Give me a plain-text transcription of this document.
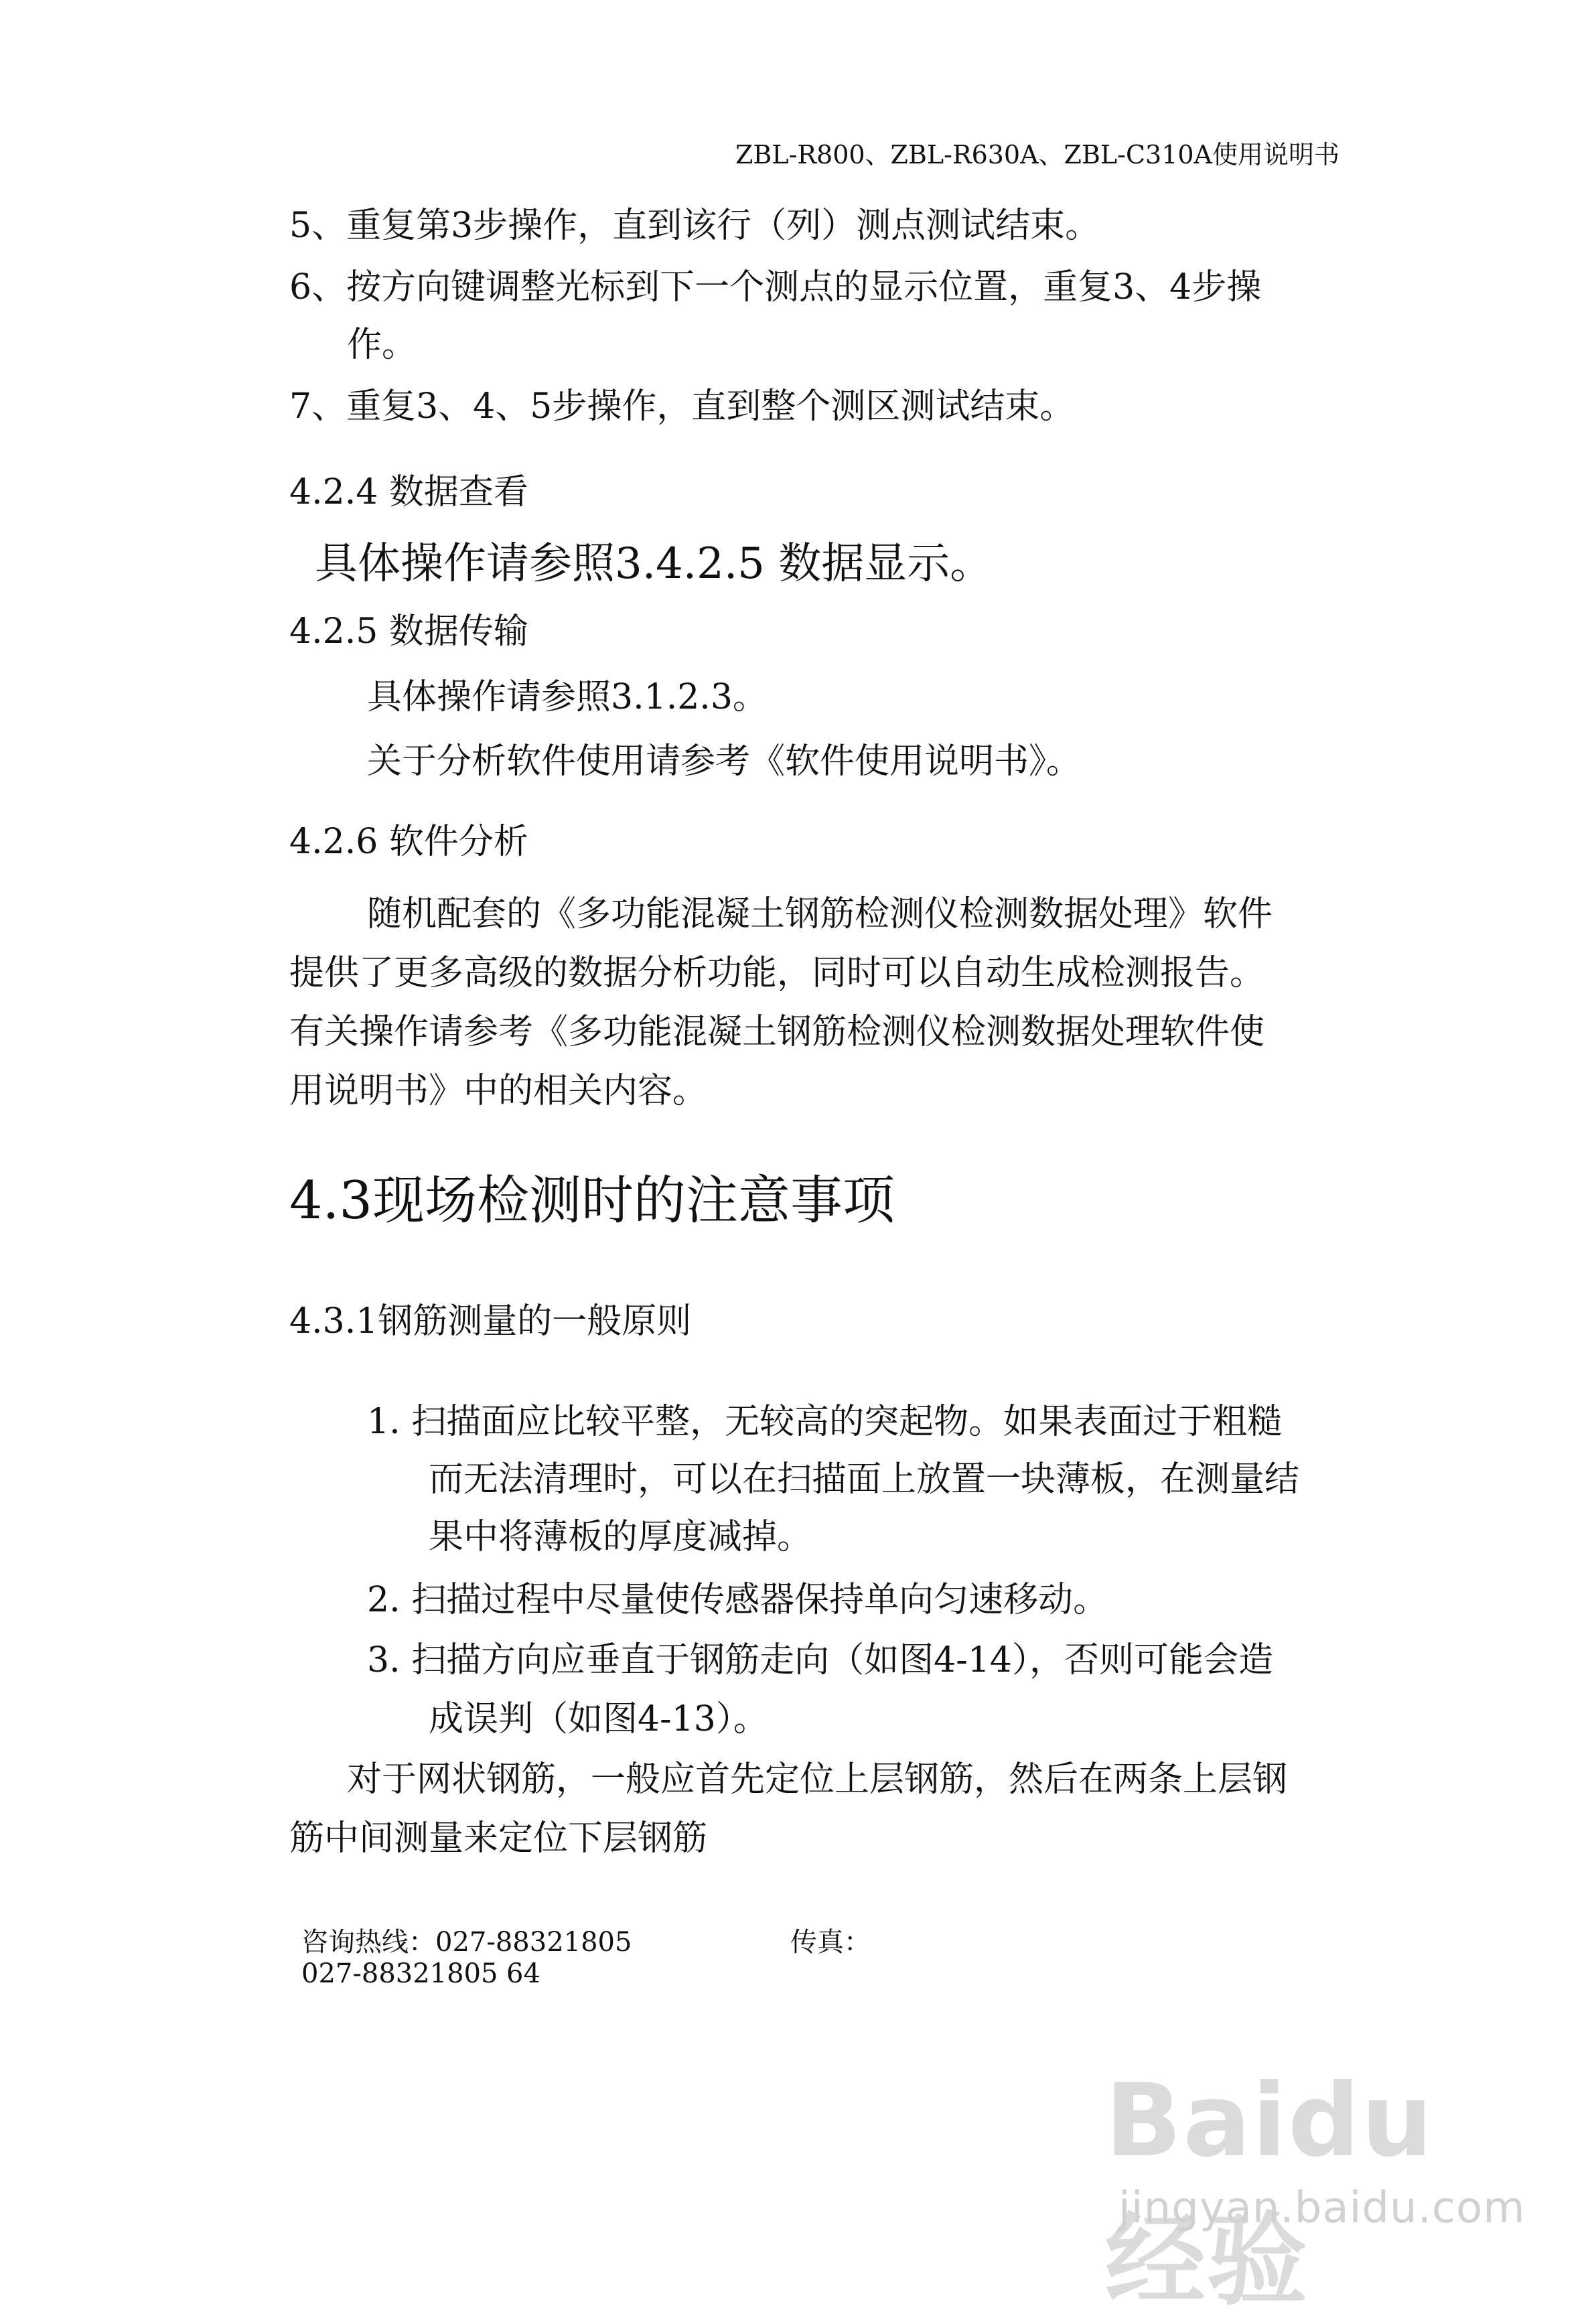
ZBL-R800、ZBL-R630A、ZBL-C310A使用说明书
5、重复第3步操作，直到该行（列）测点测试结束。
6、按方向键调整光标到下一个测点的显示位置，重复3、4步操
作。
7、重复3、4、5步操作，直到整个测区测试结束。
4.2.4 数据查看
具体操作请参照3.4.2.5 数据显示。
4.2.5 数据传输
具体操作请参照3.1.2.3。
关于分析软件使用请参考《软件使用说明书》。
4.2.6 软件分析
随机配套的《多功能混凝土钢筋检测仪检测数据处理》软件
提供了更多高级的数据分析功能，同时可以自动生成检测报告。
有关操作请参考《多功能混凝土钢筋检测仪检测数据处理软件使
用说明书》中的相关内容。
4.3现场检测时的注意事项
4.3.1钢筋测量的一般原则
1. 扫描面应比较平整，无较高的突起物。如果表面过于粗糙
而无法清理时，可以在扫描面上放置一块薄板，在测量结
果中将薄板的厚度减掉。
2. 扫描过程中尽量使传感器保持单向匀速移动。
3. 扫描方向应垂直于钢筋走向（如图4-14），否则可能会造
成误判（如图4-13）。
对于网状钢筋，一般应首先定位上层钢筋，然后在两条上层钢
筋中间测量来定位下层钢筋
咨询热线：027-88321805	传真：
027-88321805 64
Baidu经验
jingyan.baidu.com
